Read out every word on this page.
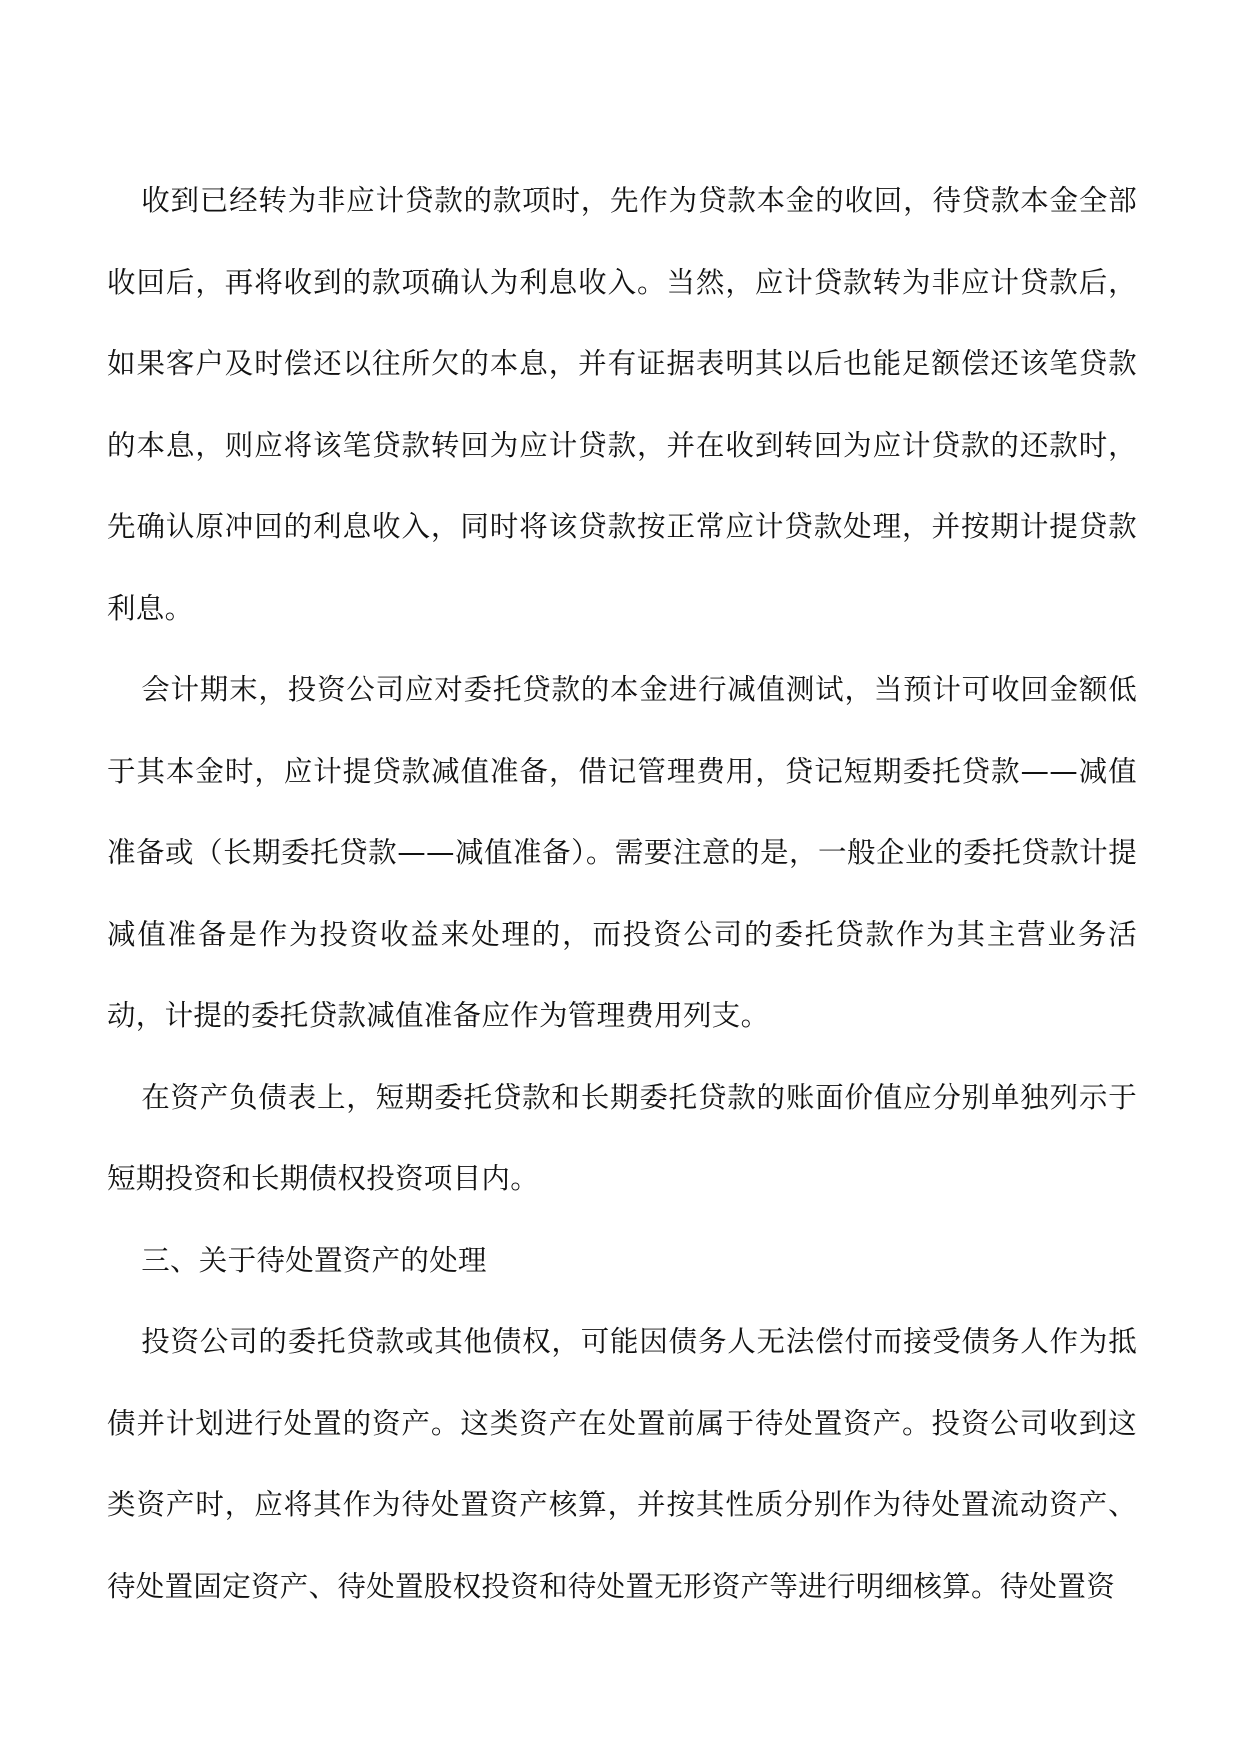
收到已经转为非应计贷款的款项时，先作为贷款本金的收回，待贷款本金全部收回后，再将收到的款项确认为利息收入。当然，应计贷款转为非应计贷款后，如果客户及时偿还以往所欠的本息，并有证据表明其以后也能足额偿还该笔贷款的本息，则应将该笔贷款转回为应计贷款，并在收到转回为应计贷款的还款时，先确认原冲回的利息收入，同时将该贷款按正常应计贷款处理，并按期计提贷款利息。

会计期末，投资公司应对委托贷款的本金进行减值测试，当预计可收回金额低于其本金时，应计提贷款减值准备，借记管理费用，贷记短期委托贷款——减值准备或（长期委托贷款——减值准备）。需要注意的是，一般企业的委托贷款计提减值准备是作为投资收益来处理的，而投资公司的委托贷款作为其主营业务活动，计提的委托贷款减值准备应作为管理费用列支。

在资产负债表上，短期委托贷款和长期委托贷款的账面价值应分别单独列示于短期投资和长期债权投资项目内。

三、关于待处置资产的处理

投资公司的委托贷款或其他债权，可能因债务人无法偿付而接受债务人作为抵债并计划进行处置的资产。这类资产在处置前属于待处置资产。投资公司收到这类资产时，应将其作为待处置资产核算，并按其性质分别作为待处置流动资产、待处置固定资产、待处置股权投资和待处置无形资产等进行明细核算。待处置资
